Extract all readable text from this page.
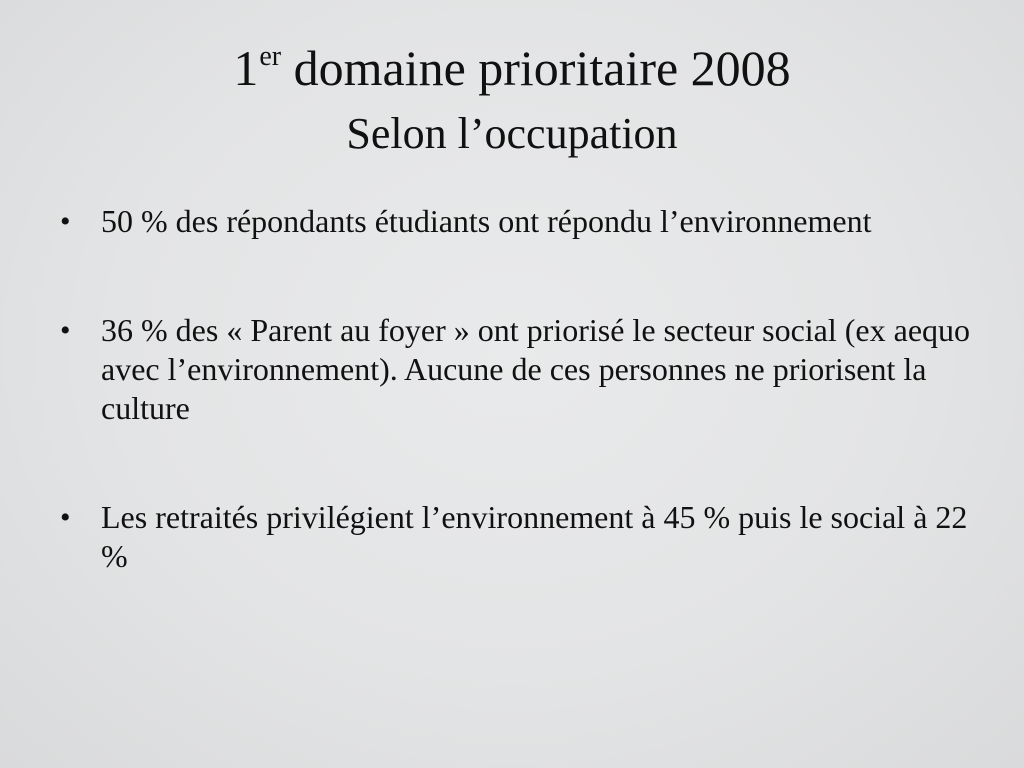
1er domaine prioritaire 2008
Selon l’occupation
• 50 % des répondants étudiants ont répondu l’environnement
• 36 % des « Parent au foyer » ont priorisé le secteur social (ex aequo avec l’environnement). Aucune de ces personnes ne priorisent la culture
• Les retraités privilégient l’environnement à 45 % puis le social à 22 %
